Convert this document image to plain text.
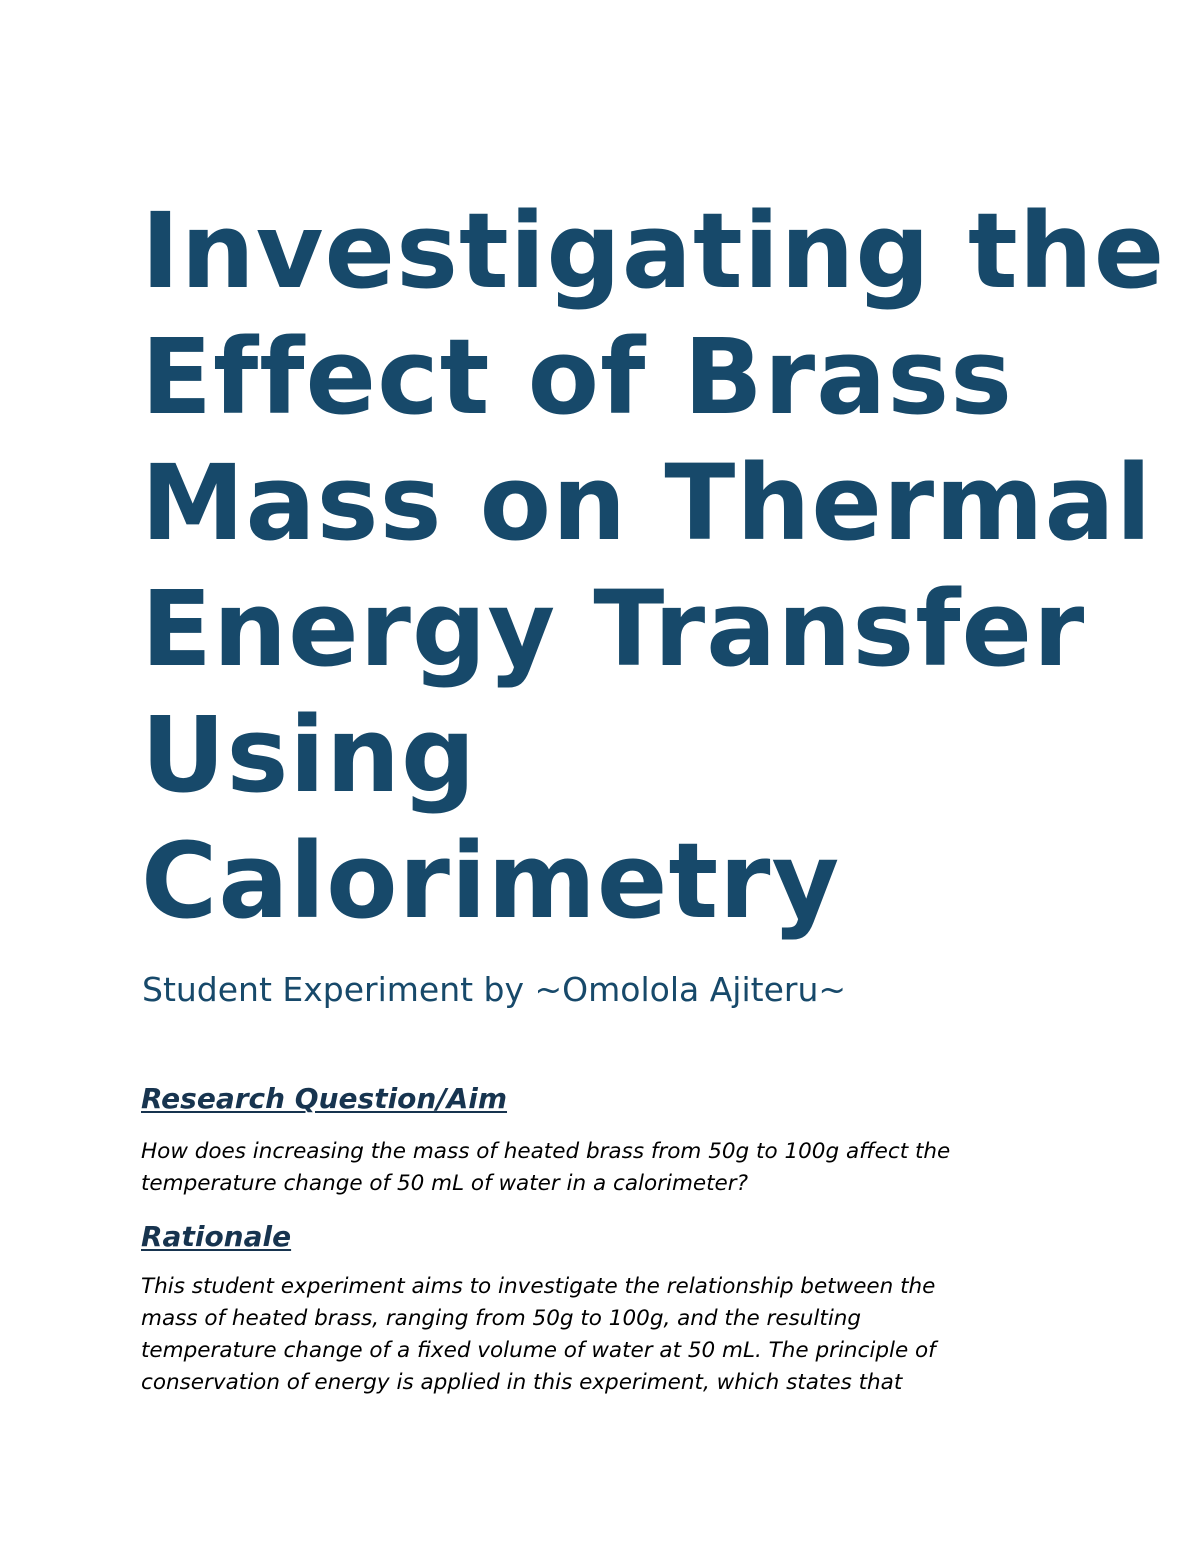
Investigating the
Effect of Brass
Mass on Thermal
Energy Transfer
Using
Calorimetry

Student Experiment by ~Omolola Ajiteru~

Research Question/Aim

How does increasing the mass of heated brass from 50g to 100g affect the
temperature change of 50 mL of water in a calorimeter?

Rationale

This student experiment aims to investigate the relationship between the
mass of heated brass, ranging from 50g to 100g, and the resulting
temperature change of a fixed volume of water at 50 mL. The principle of
conservation of energy is applied in this experiment, which states that
